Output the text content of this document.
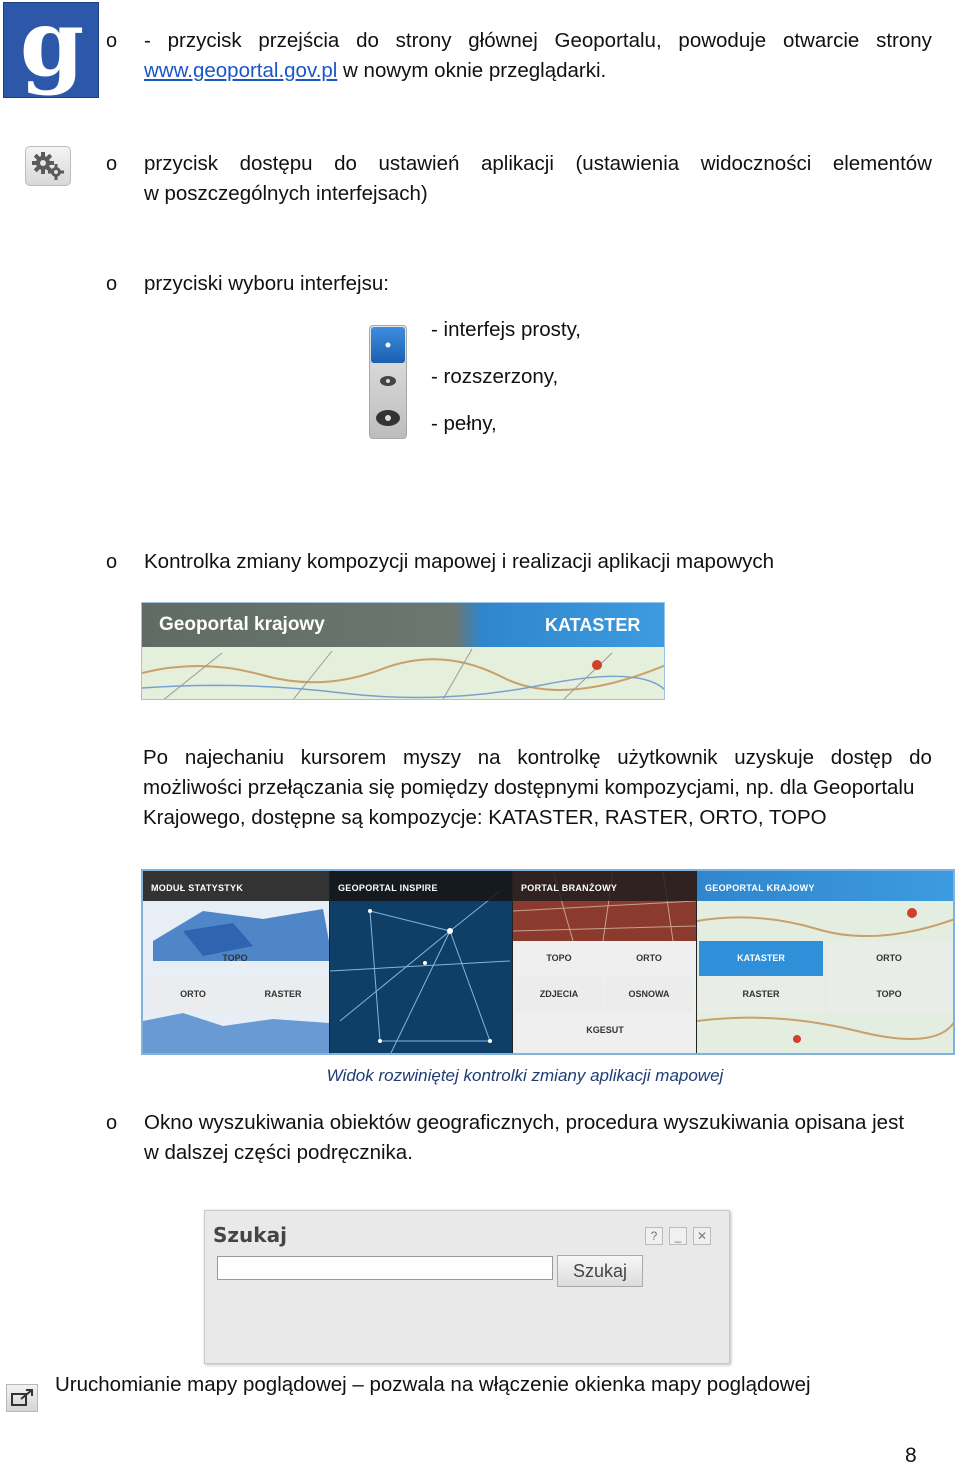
g	o - przycisk przejścia do strony głównej Geoportalu, powoduje otwarcie strony
www.geoportal.gov.pl w nowym oknie przeglądarki.
o przycisk dostępu do ustawień aplikacji (ustawienia widoczności elementów
w poszczególnych interfejsach)
o przyciski wyboru interfejsu:
- interfejs prosty,
- rozszerzony,
- pełny,
o Kontrolka zmiany kompozycji mapowej i realizacji aplikacji mapowych
Geoportal krajowy	KATASTER
Po najechaniu kursorem myszy na kontrolkę użytkownik uzyskuje dostęp do
możliwości przełączania się pomiędzy dostępnymi kompozycjami, np. dla Geoportalu
Krajowego, dostępne są kompozycje: KATASTER, RASTER, ORTO, TOPO
MODUŁ STATYSTYK
TOPO
ORTO	RASTER
GEOPORTAL INSPIRE	PORTAL BRANŻOWY
TOPO	ORTO
ZDJECIA	OSNOWA
KGESUT
GEOPORTAL KRAJOWY
KATASTER	ORTO
RASTER	TOPO
Widok rozwiniętej kontrolki zmiany aplikacji mapowej
o Okno wyszukiwania obiektów geograficznych, procedura wyszukiwania opisana jest
w dalszej części podręcznika.
Szukaj	?	_	✕
Szukaj
Uruchomianie mapy poglądowej – pozwala na włączenie okienka mapy poglądowej
8
